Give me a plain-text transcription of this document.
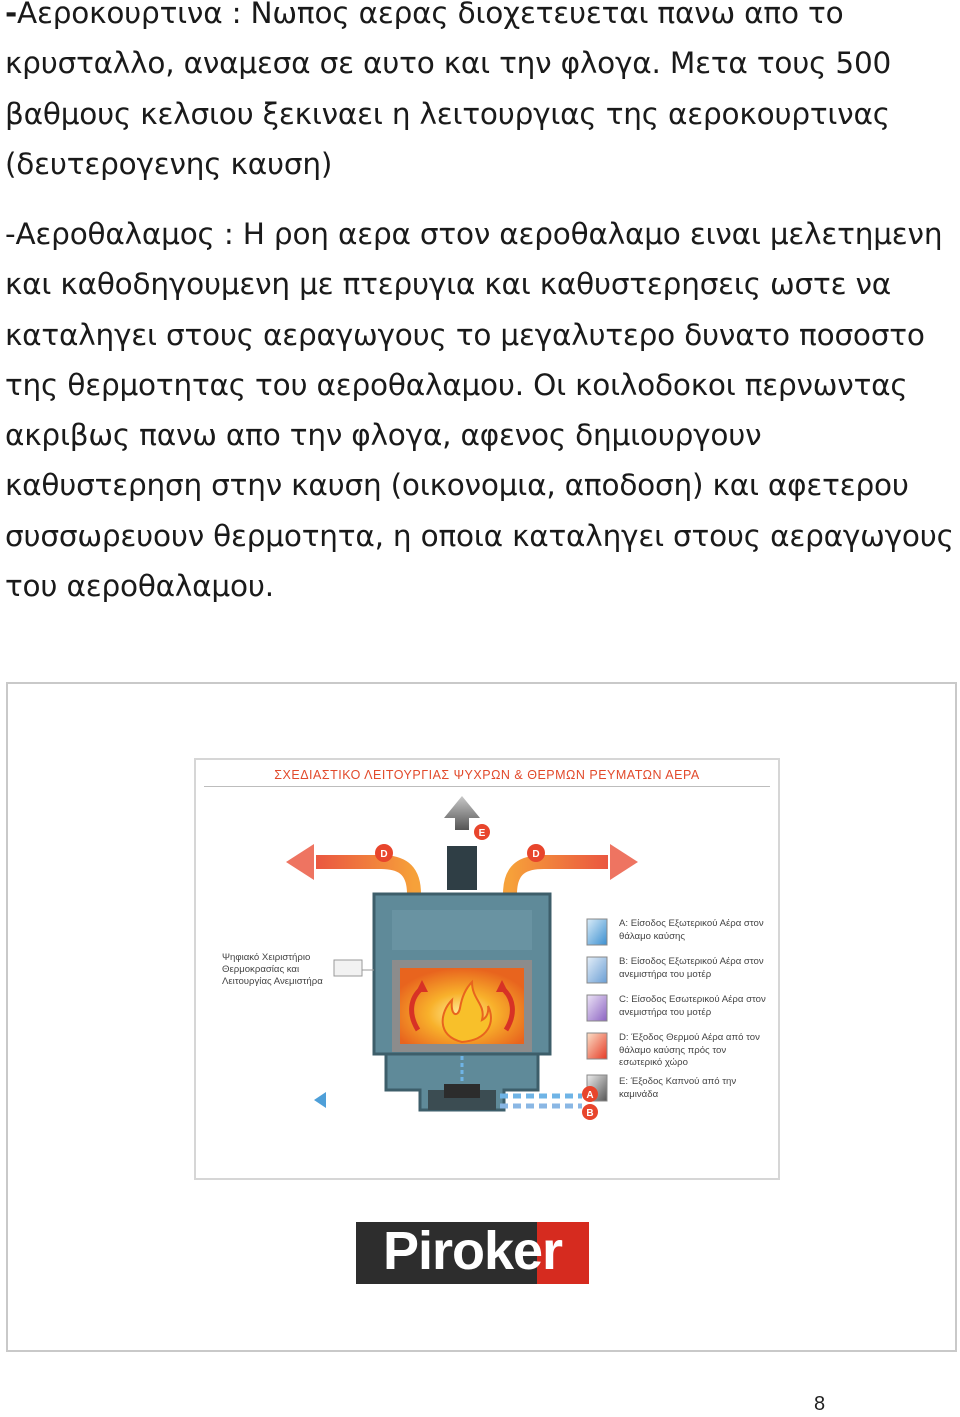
-Αεροκουρτινα : Νωπος αερας διοχετευεται πανω απο το κρυσταλλο, αναμεσα σε αυτο και την φλογα. Μετα τους 500 βαθμους κελσιου ξεκιναει η λειτουργιας της αεροκουρτινας (δευτερογενης καυση)

-Αεροθαλαμος : Η ροη αερα στον αεροθαλαμο ειναι μελετημενη και καθοδηγουμενη με πτερυγια και καθυστερησεις ωστε να καταληγει στους αεραγωγους το μεγαλυτερο δυνατο ποσοστο της θερμοτητας του αεροθαλαμου. Οι κοιλοδοκοι περνωντας ακριβως πανω απο την φλογα, αφενος δημιουργουν καθυστερηση στην καυση (οικονομια, αποδοση) και αφετερου συσσωρευουν θερμοτητα, η οποια καταληγει στους αεραγωγους του αεροθαλαμου.

ΣΧΕΔΙΑΣΤΙΚΟ ΛΕΙΤΟΥΡΓΙΑΣ ΨΥΧΡΩΝ & ΘΕΡΜΩΝ ΡΕΥΜΑΤΩΝ ΑΕΡΑ
D	D
E
A
B
Ψηφιακό Χειριστήριο Θερμοκρασίας και Λειτουργίας Ανεμιστήρα
A: Είσοδος Εξωτερικού Αέρα στον θάλαμο καύσης
B: Είσοδος Εξωτερικού Αέρα στον ανεμιστήρα του μοτέρ
C: Είσοδος Εσωτερικού Αέρα στον ανεμιστήρα του μοτέρ
D: Έξοδος Θερμού Αέρα από τον θάλαμο καύσης πρός τον εσωτερικό χώρο
E: Έξοδος Καπνού από την καμινάδα
Piroker
8
